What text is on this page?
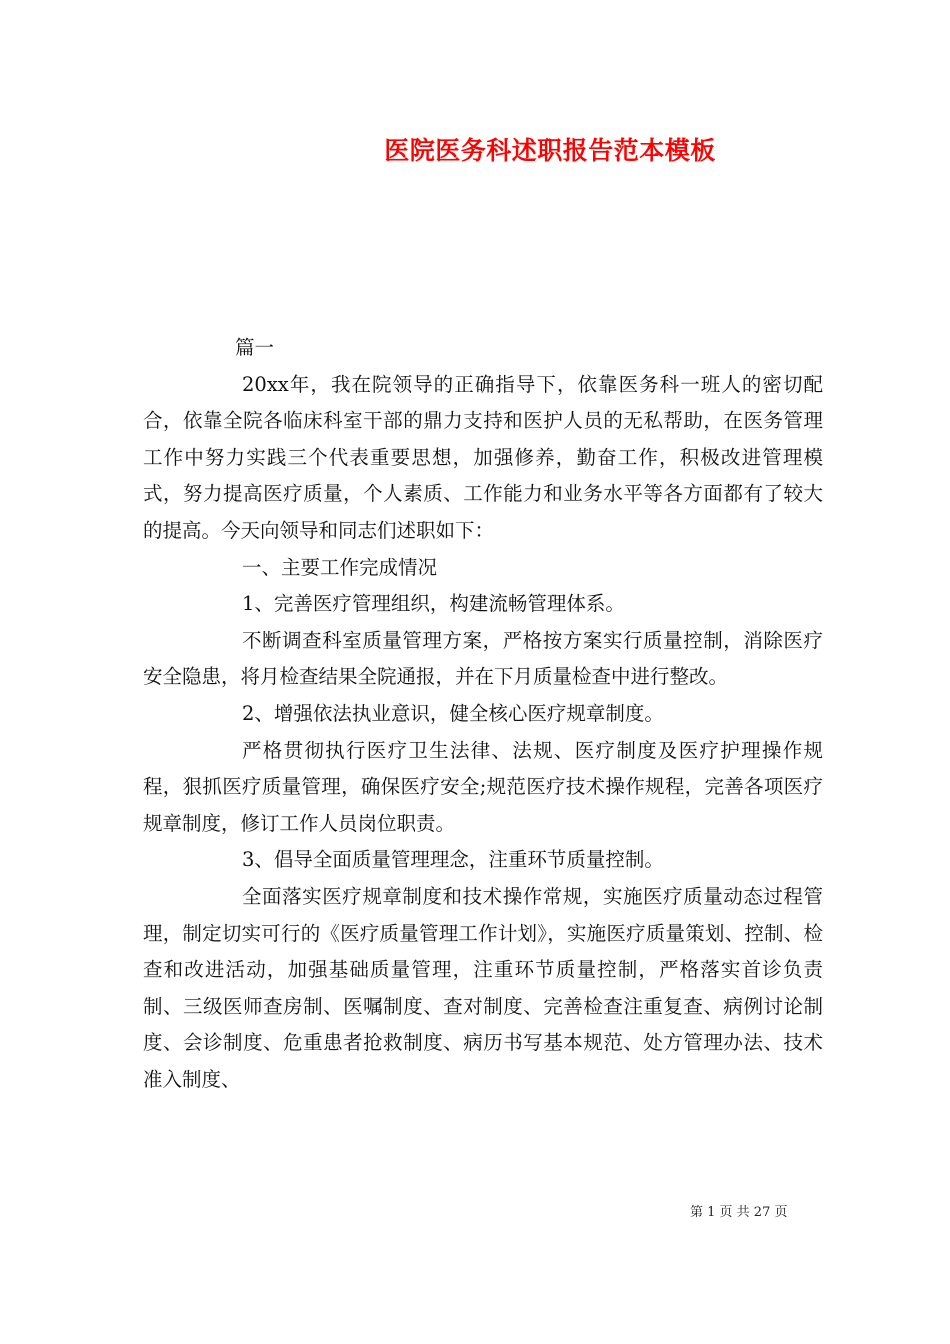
医院医务科述职报告范本模板

篇一

20xx年，我在院领导的正确指导下，依靠医务科一班人的密切配合，依靠全院各临床科室干部的鼎力支持和医护人员的无私帮助，在医务管理工作中努力实践三个代表重要思想，加强修养，勤奋工作，积极改进管理模式，努力提高医疗质量，个人素质、工作能力和业务水平等各方面都有了较大的提高。今天向领导和同志们述职如下：

一、主要工作完成情况

1、完善医疗管理组织，构建流畅管理体系。

不断调查科室质量管理方案，严格按方案实行质量控制，消除医疗安全隐患，将月检查结果全院通报，并在下月质量检查中进行整改。

2、增强依法执业意识，健全核心医疗规章制度。

严格贯彻执行医疗卫生法律、法规、医疗制度及医疗护理操作规程，狠抓医疗质量管理，确保医疗安全;规范医疗技术操作规程，完善各项医疗规章制度，修订工作人员岗位职责。

3、倡导全面质量管理理念，注重环节质量控制。

全面落实医疗规章制度和技术操作常规，实施医疗质量动态过程管理，制定切实可行的《医疗质量管理工作计划》，实施医疗质量策划、控制、检查和改进活动，加强基础质量管理，注重环节质量控制，严格落实首诊负责制、三级医师查房制、医嘱制度、查对制度、完善检查注重复查、病例讨论制度、会诊制度、危重患者抢救制度、病历书写基本规范、处方管理办法、技术准入制度、

第 1 页 共 27 页
